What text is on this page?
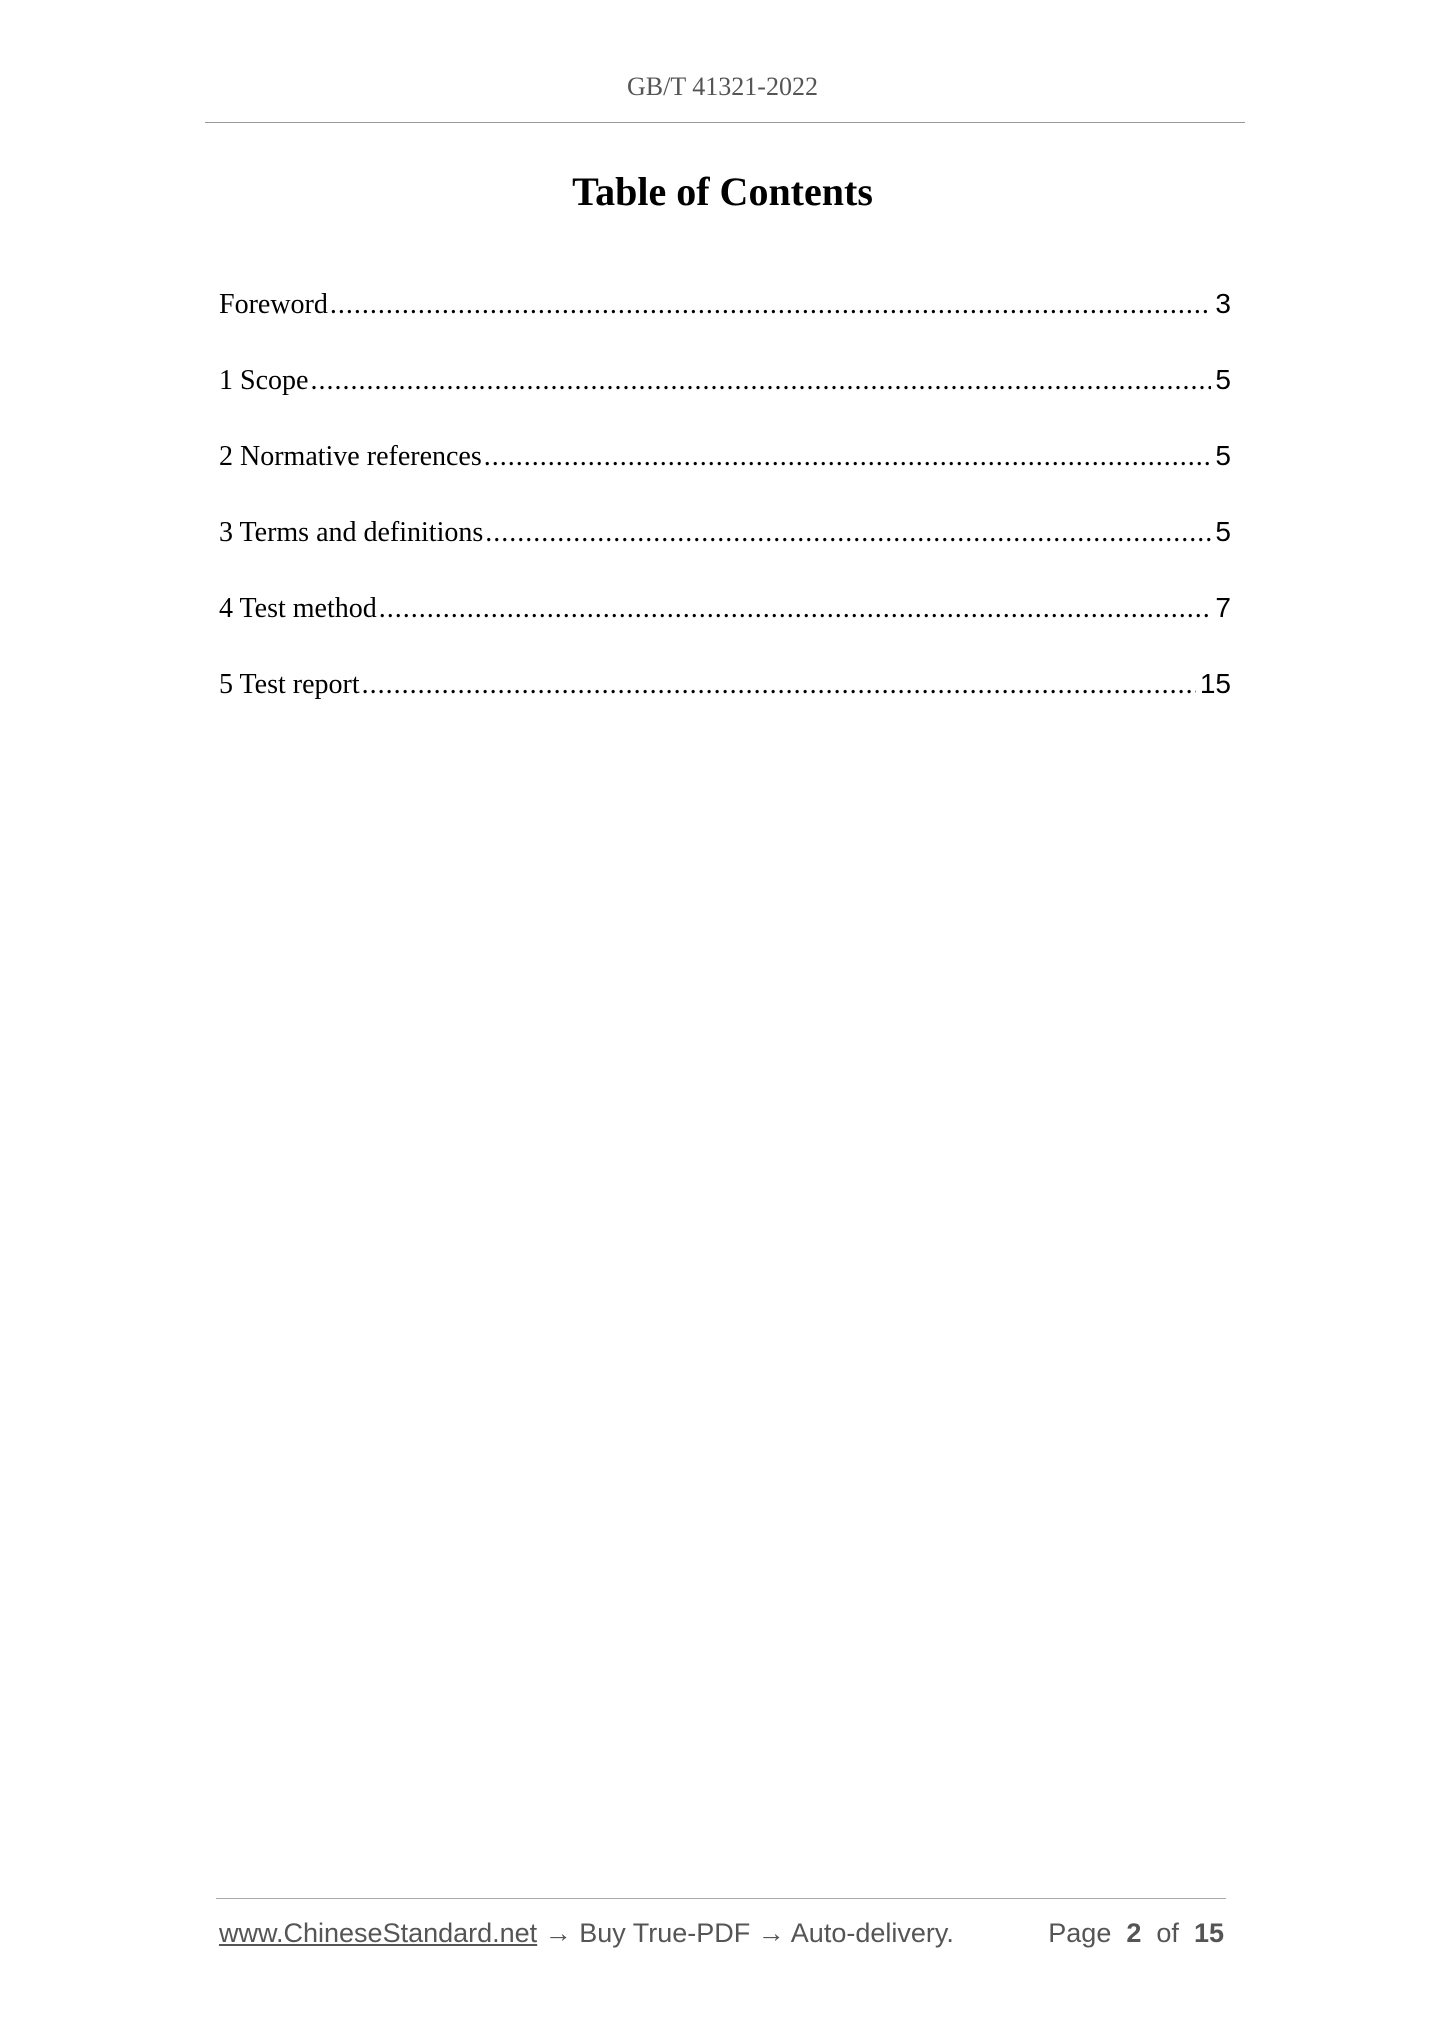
GB/T 41321-2022
Table of Contents
Foreword .....	3
1 Scope .....	5
2 Normative references .....	5
3 Terms and definitions .....	5
4 Test method .....	7
5 Test report .....	15
www.ChineseStandard.net → Buy True-PDF → Auto-delivery.	Page 2 of 15
